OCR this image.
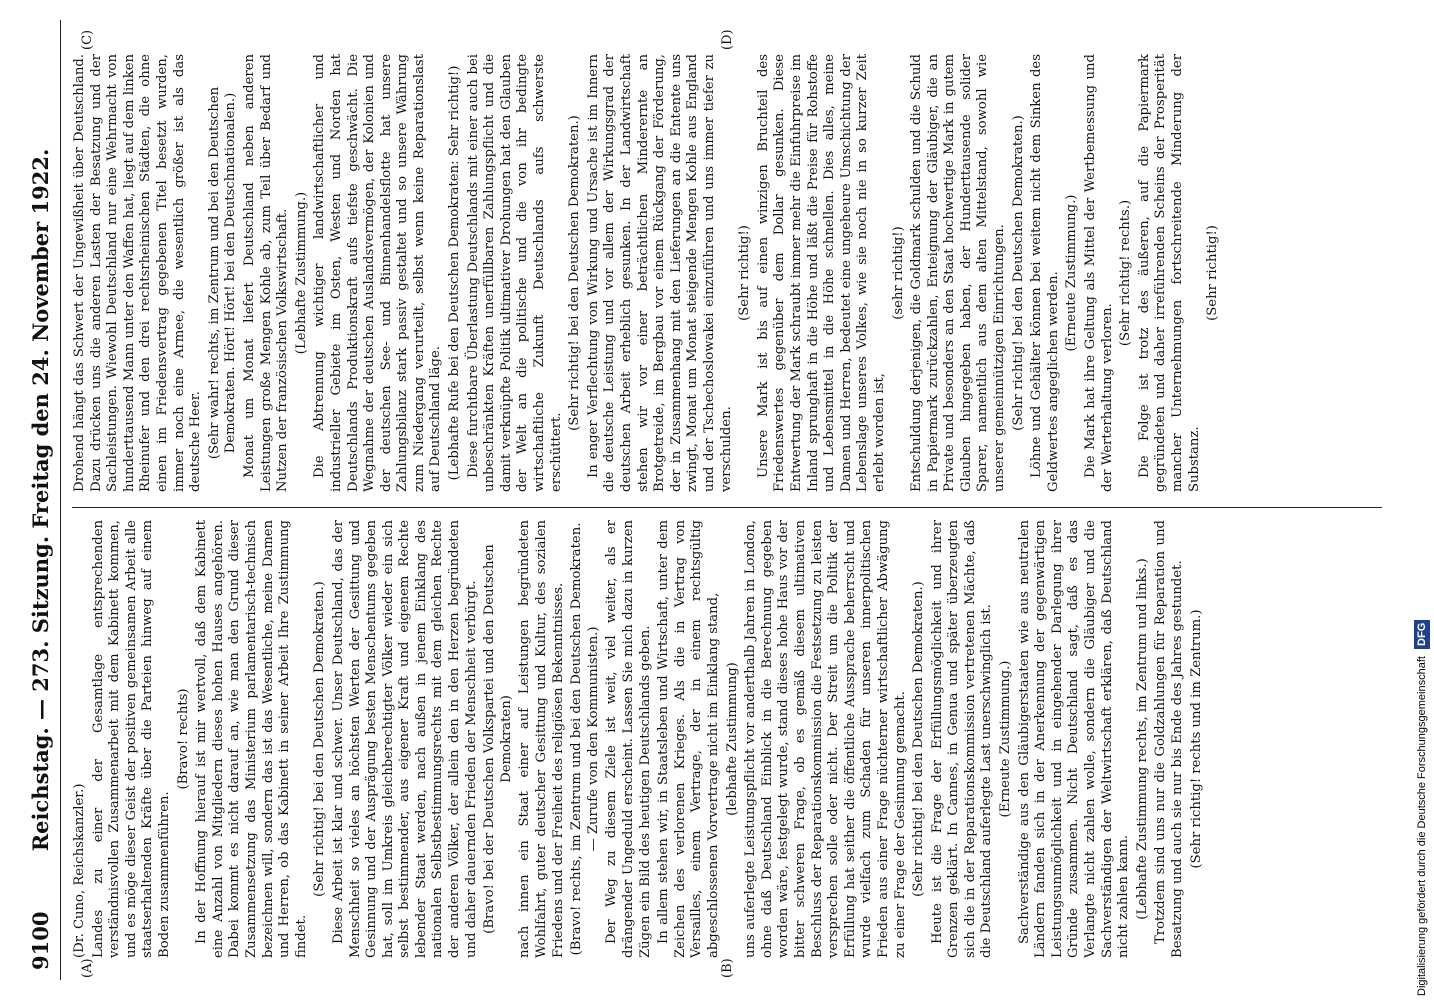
9100
Reichstag. — 273. Sitzung. Freitag den 24. November 1922.
(A)	(B)
(C)	(D)

(Dr. Cuno, Reichskanzler.) Landes zu einer der Gesamtlage entsprechenden verständnisvollen Zusammenarbeit mit dem Kabinett kommen, und es möge dieser Geist der positiven gemeinsamen Arbeit alle staatserhaltenden Kräfte über die Parteien hinweg auf einem Boden zusammenführen.

(Bravo! rechts) In der Hoffnung hierauf ist mir wertvoll, daß dem Kabinett eine Anzahl von Mitgliedern dieses hohen Hauses angehören. Dabei kommt es nicht darauf an, wie man den Grund dieser Zusammensetzung das Ministerium parlamentarisch-technisch bezeichnen will, sondern das ist das Wesentliche, meine Damen und Herren, ob das Kabinett in seiner Arbeit Ihre Zustimmung findet.

(Sehr richtig! bei den Deutschen Demokraten.) Diese Arbeit ist klar und schwer. Unser Deutschland, das der Menschheit so vieles an höchsten Werten der Gesittung und Gesinnung und der Ausprägung besten Menschentums gegeben hat, soll im Umkreis gleichberechtigter Völker wieder ein sich selbst bestimmender, aus eigener Kraft und eigenem Rechte lebender Staat werden, nach außen in jenem Einklang des nationalen Selbstbestimmungsrechts mit dem gleichen Rechte der anderen Völker, der allein den in den Herzen begründeten und daher dauernden Frieden der Menschheit verbürgt. (Bravo! bei der Deutschen Volkspartei und den Deutschen Demokraten) nach innen ein Staat einer auf Leistungen begründeten Wohlfahrt, guter deutscher Gesittung und Kultur, des sozialen Friedens und der Freiheit des religiösen Bekenntnisses. (Bravo! rechts, im Zentrum und bei den Deutschen Demokraten. — Zurufe von den Kommunisten.) Der Weg zu diesem Ziele ist weit, viel weiter, als er drängender Ungeduld erscheint. Lassen Sie mich dazu in kurzen Zügen ein Bild des heutigen Deutschlands geben. In allem stehen wir, in Staatsleben und Wirtschaft, unter dem Zeichen des verlorenen Krieges. Als die in Vertrag von Versailles, einem Vertrage, der in einem rechtsgültig abgeschlossenen Vorvertrage nicht im Einklang stand, (lebhafte Zustimmung) uns auferlegte Leistungspflicht vor anderthalb Jahren in London, ohne daß Deutschland Einblick in die Berechnung gegeben worden wäre, festgelegt wurde, stand dieses hohe Haus vor der bitter schweren Frage, ob es gemäß diesem ultimativen Beschluss der Reparationskommission die Festsetzung zu leisten versprechen solle oder nicht. Der Streit um die Politik der Erfüllung hat seither die öffentliche Aussprache beherrscht und wurde vielfach zum Schaden für unseren innerpolitischen Frieden aus einer Frage nüchterner wirtschaftlicher Abwägung zu einer Frage der Gesinnung gemacht. (Sehr richtig! bei den Deutschen Demokraten.) Heute ist die Frage der Erfüllungsmöglichkeit und ihrer Grenzen geklärt. In Cannes, in Genua und später überzeugten sich die in der Reparationskommission vertretenen Mächte, daß die Deutschland auferlegte Last unerschwinglich ist. (Erneute Zustimmung.) Sachverständige aus den Gläubigerstaaten wie aus neutralen Ländern fanden sich in der Anerkennung der gegenwärtigen Leistungsunmöglichkeit und in eingehender Darlegung ihrer Gründe zusammen. Nicht Deutschland sagt, daß es das Verlangte nicht zahlen wolle, sondern die Gläubiger und die Sachverständigen der Weltwirtschaft erklären, daß Deutschland nicht zahlen kann. (Lebhafte Zustimmung rechts, im Zentrum und links.) Trotzdem sind uns nur die Goldzahlungen für Reparation und Besatzung und auch sie nur bis Ende des Jahres gestundet. (Sehr richtig! rechts und im Zentrum.)

Drohend hängt das Schwert der Ungewißheit über Deutschland. Dazu drücken uns die anderen Lasten der Besatzung und der Sachleistungen. Wiewohl Deutschland nur eine Wehrmacht von hunderttausend Mann unter den Waffen hat, liegt auf dem linken Rheinufer und den drei rechtsrheinischen Städten, die ohne einen im Friedensvertrag gegebenen Titel besetzt wurden, immer noch eine Armee, die wesentlich größer ist als das deutsche Heer. (Sehr wahr! rechts, im Zentrum und bei den Deutschen Demokraten. Hört! Hört! bei den Deutschnationalen.) Monat um Monat liefert Deutschland neben anderen Leistungen große Mengen Kohle ab, zum Teil über Bedarf und Nutzen der französischen Volkswirtschaft. (Lebhafte Zustimmung.) Die Abtrennung wichtiger landwirtschaftlicher und industrieller Gebiete im Osten, Westen und Norden hat Deutschlands Produktionskraft aufs tiefste geschwächt. Die Wegnahme der deutschen Auslandsvermögen, der Kolonien und der deutschen See- und Binnenhandelsflotte hat unsere Zahlungsbilanz stark passiv gestaltet und so unsere Währung zum Niedergang verurteilt, selbst wenn keine Reparationslast auf Deutschland läge. (Lebhafte Rufe bei den Deutschen Demokraten: Sehr richtig!) Diese furchtbare Überlastung Deutschlands mit einer auch bei unbeschränkten Kräften unerfüllbaren Zahlungspflicht und die damit verknüpfte Politik ultimativer Drohungen hat den Glauben der Welt an die politische und die von ihr bedingte wirtschaftliche Zukunft Deutschlands aufs schwerste erschüttert.

(Sehr richtig! bei den Deutschen Demokraten.) In enger Verflechtung von Wirkung und Ursache ist im Innern die deutsche Leistung und vor allem der Wirkungsgrad der deutschen Arbeit erheblich gesunken. In der Landwirtschaft stehen wir vor einer beträchtlichen Minderernte an Brotgetreide, im Bergbau vor einem Rückgang der Förderung, der in Zusammenhang mit den Lieferungen an die Entente uns zwingt, Monat um Monat steigende Mengen Kohle aus England und der Tschechoslowakei einzuführen und uns immer tiefer zu verschulden.

(Sehr richtig!) Unsere Mark ist bis auf einen winzigen Bruchteil des Friedenswertes gegenüber dem Dollar gesunken. Diese Entwertung der Mark schraubt immer mehr die Einfuhrpreise im Inland sprunghaft in die Höhe und läßt die Preise für Rohstoffe und Lebensmittel in die Höhe schnellen. Dies alles, meine Damen und Herren, bedeutet eine ungeheure Umschichtung der Lebenslage unseres Volkes, wie sie noch nie in so kurzer Zeit erlebt worden ist,

(sehr richtig!) Entschuldung derjenigen, die Goldmark schulden und die Schuld in Papiermark zurückzahlen, Enteignung der Gläubiger, die an Private und besonders an den Staat hochwertige Mark in gutem Glauben hingegeben haben, der Hunderttausende solider Sparer, namentlich aus dem alten Mittelstand, sowohl wie unserer gemeinnützigen Einrichtungen. (Sehr richtig! bei den Deutschen Demokraten.) Löhne und Gehälter können bei weitem nicht dem Sinken des Geldwertes angeglichen werden. (Erneute Zustimmung.) Die Mark hat ihre Geltung als Mittel der Wertbemessung und der Werterhaltung verloren.

(Sehr richtig! rechts.) Die Folge ist trotz des äußeren, auf die Papiermark gegründeten und daher irreführenden Scheins der Prosperität mancher Unternehmungen fortschreitende Minderung der Substanz.

(Sehr richtig!)

Digitalisierung gefördert durch die Deutsche Forschungsgemeinschaft DFG
